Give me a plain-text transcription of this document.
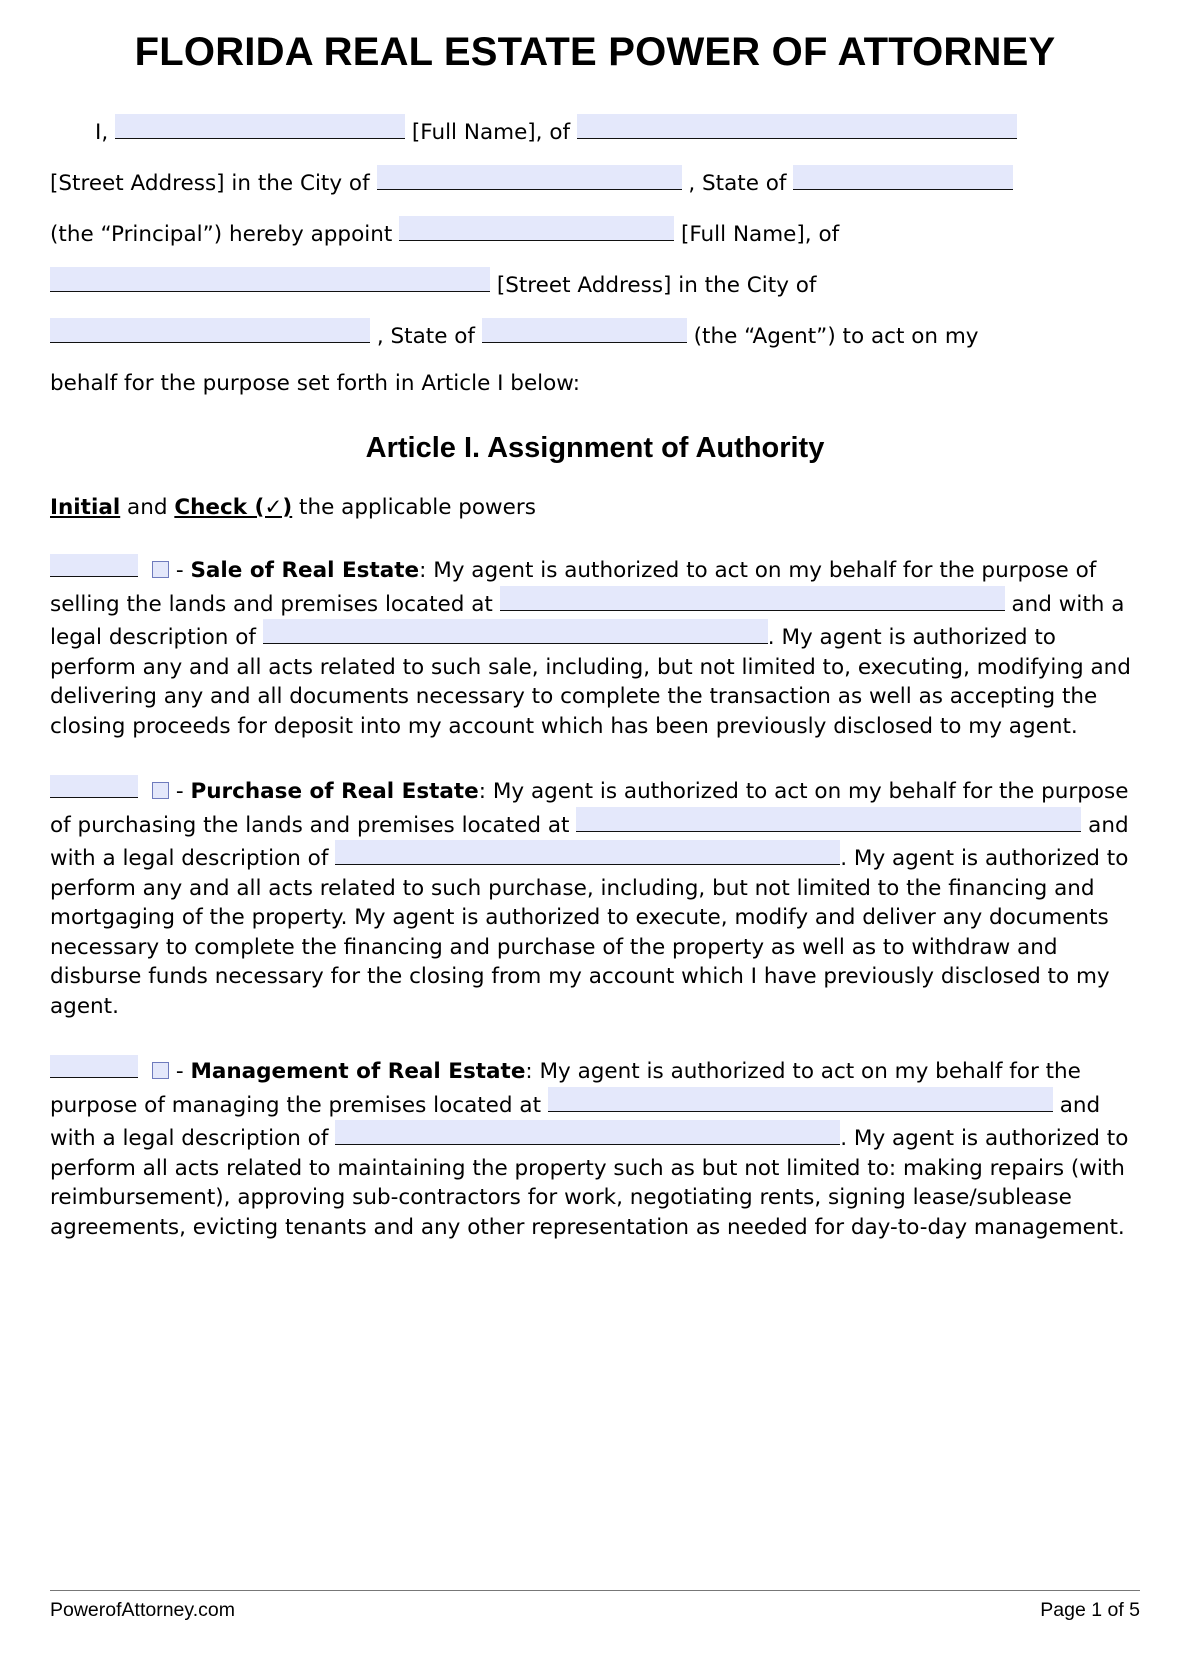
FLORIDA REAL ESTATE POWER OF ATTORNEY
I,	[Full Name], of
[Street Address] in the City of	, State of
(the “Principal”) hereby appoint	[Full Name], of
[Street Address] in the City of
, State of	(the “Agent”) to act on my
behalf for the purpose set forth in Article I below:
Article I. Assignment of Authority
Initial and Check (✓) the applicable powers
- Sale of Real Estate: My agent is authorized to act on my behalf for the purpose of selling the lands and premises located at	and with a legal description of	. My agent is authorized to perform any and all acts related to such sale, including, but not limited to, executing, modifying and delivering any and all documents necessary to complete the transaction as well as accepting the closing proceeds for deposit into my account which has been previously disclosed to my agent.
- Purchase of Real Estate: My agent is authorized to act on my behalf for the purpose of purchasing the lands and premises located at	and with a legal description of	. My agent is authorized to perform any and all acts related to such purchase, including, but not limited to the financing and mortgaging of the property. My agent is authorized to execute, modify and deliver any documents necessary to complete the financing and purchase of the property as well as to withdraw and disburse funds necessary for the closing from my account which I have previously disclosed to my agent.
- Management of Real Estate: My agent is authorized to act on my behalf for the purpose of managing the premises located at	and with a legal description of	. My agent is authorized to perform all acts related to maintaining the property such as but not limited to: making repairs (with reimbursement), approving sub-contractors for work, negotiating rents, signing lease/sublease agreements, evicting tenants and any other representation as needed for day-to-day management.
PowerofAttorney.com	Page 1 of 5
